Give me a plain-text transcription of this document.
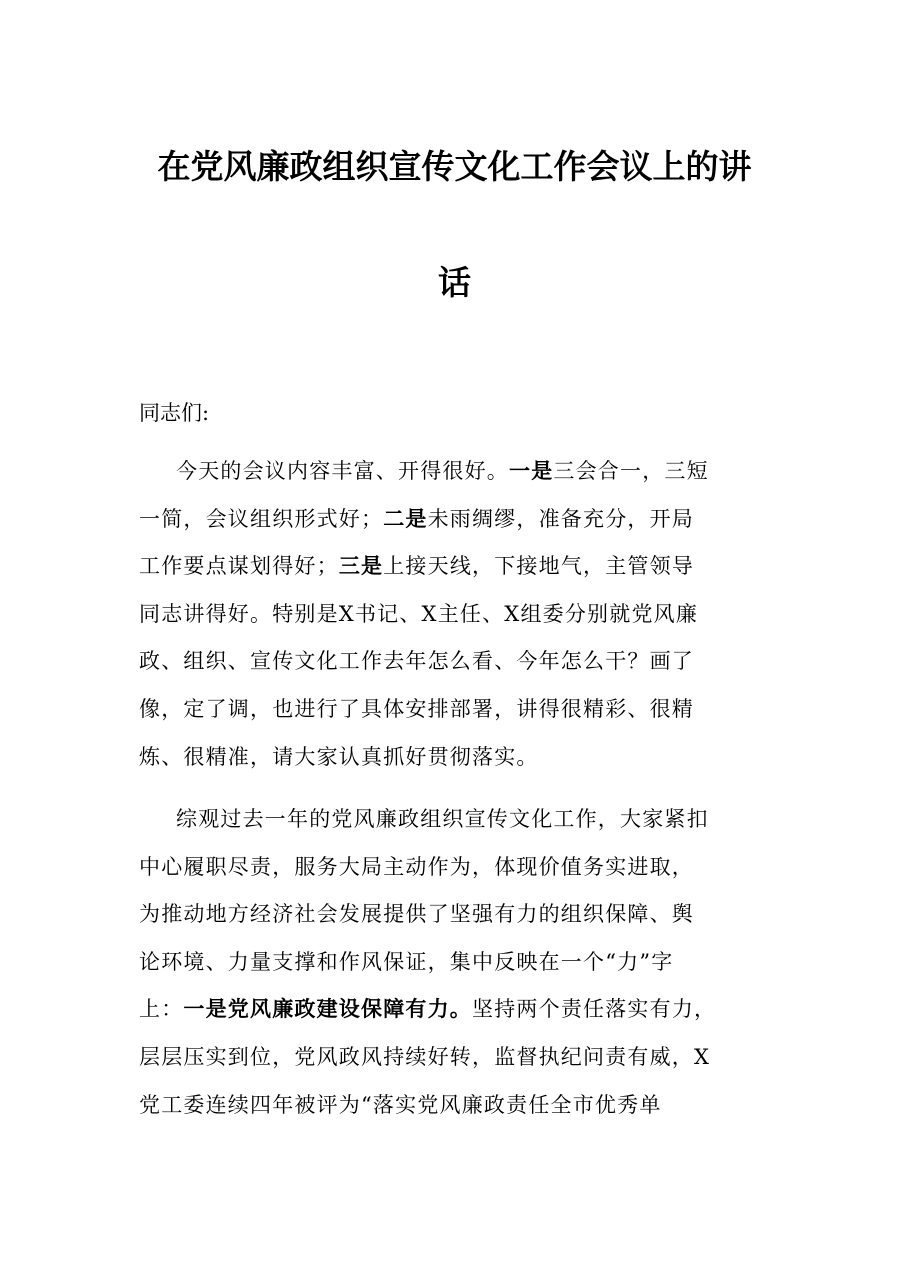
在党风廉政组织宣传文化工作会议上的讲
话
同志们:
今天的会议内容丰富、开得很好。一是三会合一，三短
一简，会议组织形式好；二是未雨绸缪，准备充分，开局
工作要点谋划得好；三是上接天线，下接地气，主管领导
同志讲得好。特别是X书记、X主任、X组委分别就党风廉
政、组织、宣传文化工作去年怎么看、今年怎么干？画了
像，定了调，也进行了具体安排部署，讲得很精彩、很精
炼、很精准，请大家认真抓好贯彻落实。
综观过去一年的党风廉政组织宣传文化工作，大家紧扣
中心履职尽责，服务大局主动作为，体现价值务实进取，
为推动地方经济社会发展提供了坚强有力的组织保障、舆
论环境、力量支撑和作风保证，集中反映在一个“力”字
上：一是党风廉政建设保障有力。坚持两个责任落实有力，
层层压实到位，党风政风持续好转，监督执纪问责有威，X
党工委连续四年被评为“落实党风廉政责任全市优秀单
